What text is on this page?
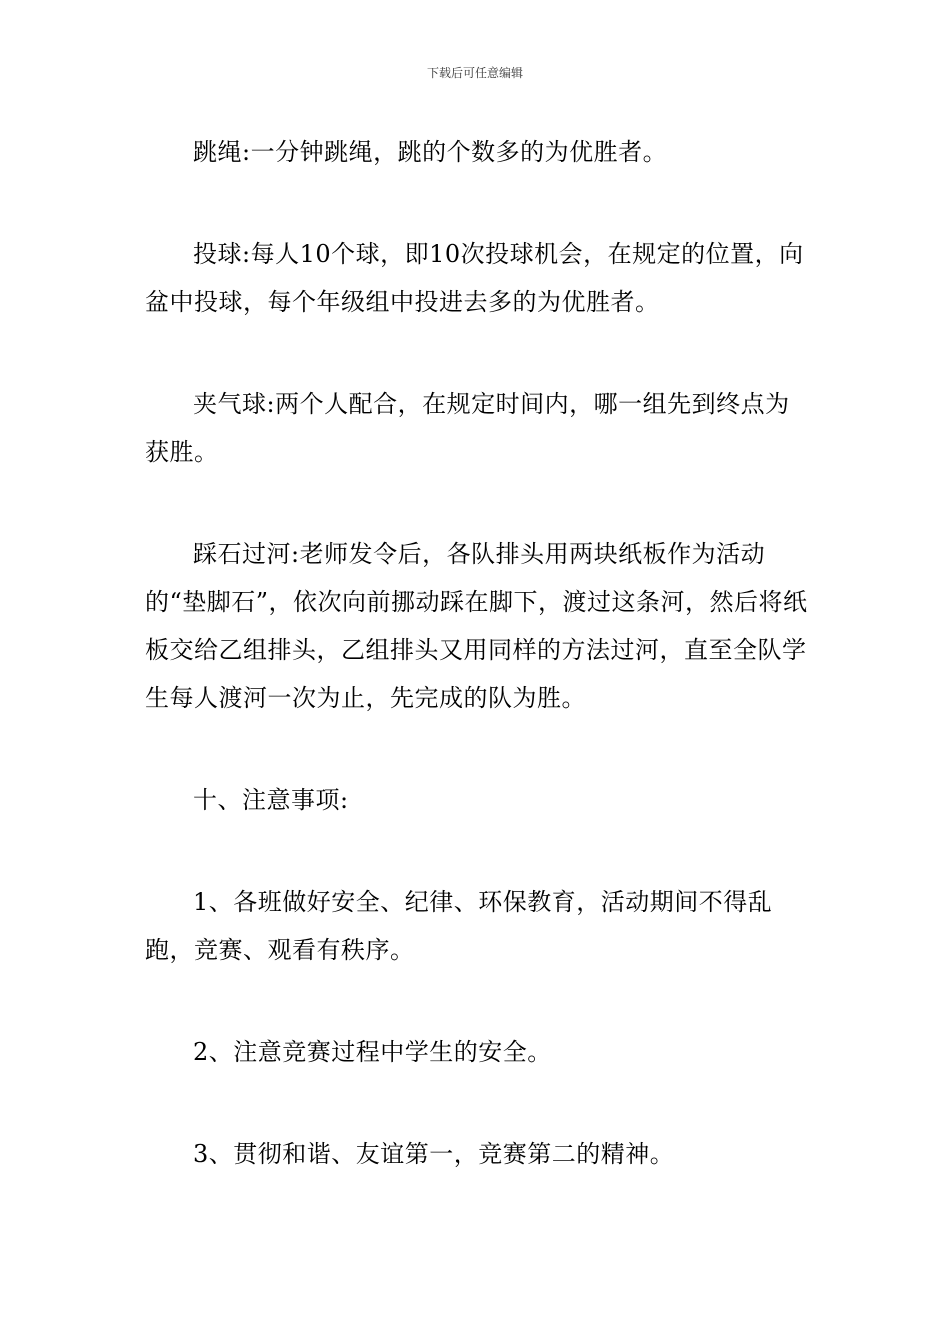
下载后可任意编辑

跳绳:一分钟跳绳，跳的个数多的为优胜者。

投球:每人10个球，即10次投球机会，在规定的位置，向盆中投球，每个年级组中投进去多的为优胜者。

夹气球:两个人配合，在规定时间内，哪一组先到终点为获胜。

踩石过河:老师发令后，各队排头用两块纸板作为活动的“垫脚石”，依次向前挪动踩在脚下，渡过这条河，然后将纸板交给乙组排头，乙组排头又用同样的方法过河，直至全队学生每人渡河一次为止，先完成的队为胜。

十、注意事项:

1、各班做好安全、纪律、环保教育，活动期间不得乱跑，竞赛、观看有秩序。

2、注意竞赛过程中学生的安全。

3、贯彻和谐、友谊第一，竞赛第二的精神。
